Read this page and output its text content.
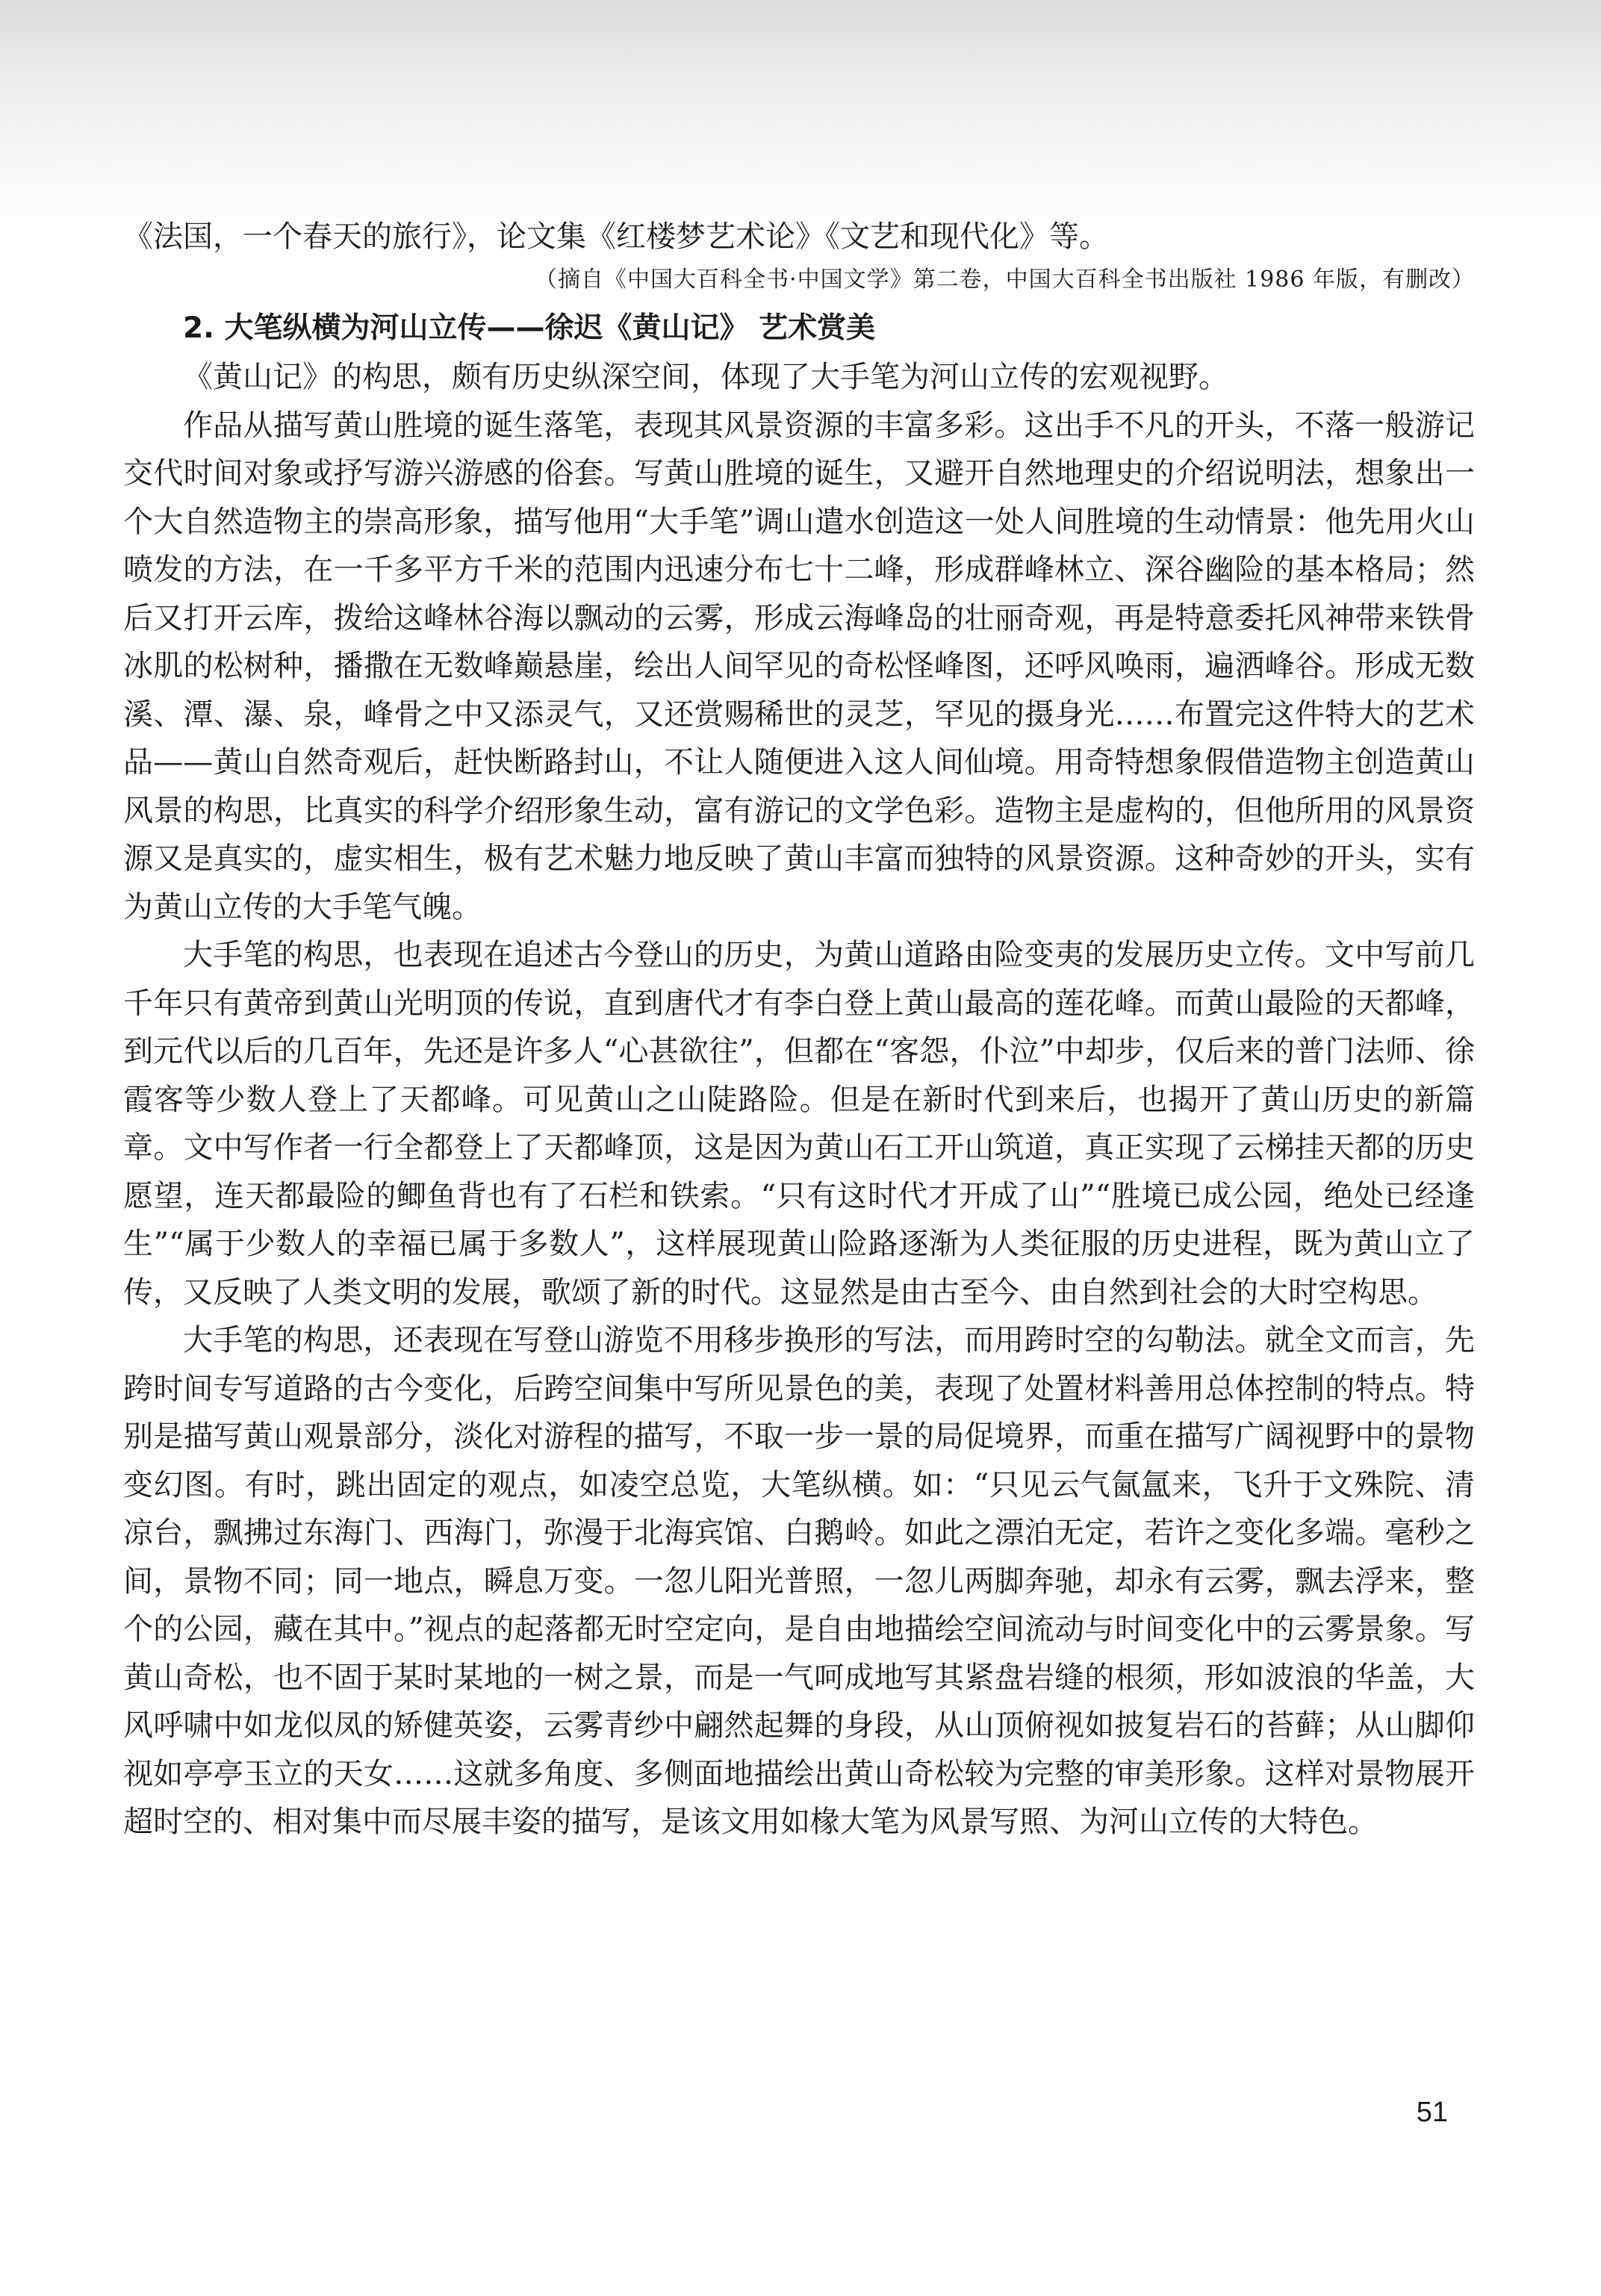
《法国，一个春天的旅行》，论文集《红楼梦艺术论》《文艺和现代化》等。

（摘自《中国大百科全书·中国文学》第二卷，中国大百科全书出版社 1986 年版，有删改）

2. 大笔纵横为河山立传——徐迟《黄山记》 艺术赏美

《黄山记》的构思，颇有历史纵深空间，体现了大手笔为河山立传的宏观视野。

作品从描写黄山胜境的诞生落笔，表现其风景资源的丰富多彩。这出手不凡的开头，不落一般游记交代时间对象或抒写游兴游感的俗套。写黄山胜境的诞生，又避开自然地理史的介绍说明法，想象出一个大自然造物主的崇高形象，描写他用“大手笔”调山遣水创造这一处人间胜境的生动情景：他先用火山喷发的方法，在一千多平方千米的范围内迅速分布七十二峰，形成群峰林立、深谷幽险的基本格局；然后又打开云库，拨给这峰林谷海以飘动的云雾，形成云海峰岛的壮丽奇观，再是特意委托风神带来铁骨冰肌的松树种，播撒在无数峰巅悬崖，绘出人间罕见的奇松怪峰图，还呼风唤雨，遍洒峰谷。形成无数溪、潭、瀑、泉，峰骨之中又添灵气，又还赏赐稀世的灵芝，罕见的摄身光……布置完这件特大的艺术品——黄山自然奇观后，赶快断路封山，不让人随便进入这人间仙境。用奇特想象假借造物主创造黄山风景的构思，比真实的科学介绍形象生动，富有游记的文学色彩。造物主是虚构的，但他所用的风景资源又是真实的，虚实相生，极有艺术魅力地反映了黄山丰富而独特的风景资源。这种奇妙的开头，实有为黄山立传的大手笔气魄。

大手笔的构思，也表现在追述古今登山的历史，为黄山道路由险变夷的发展历史立传。文中写前几千年只有黄帝到黄山光明顶的传说，直到唐代才有李白登上黄山最高的莲花峰。而黄山最险的天都峰，到元代以后的几百年，先还是许多人“心甚欲往”，但都在“客怨，仆泣”中却步，仅后来的普门法师、徐霞客等少数人登上了天都峰。可见黄山之山陡路险。但是在新时代到来后，也揭开了黄山历史的新篇章。文中写作者一行全都登上了天都峰顶，这是因为黄山石工开山筑道，真正实现了云梯挂天都的历史愿望，连天都最险的鲫鱼背也有了石栏和铁索。“只有这时代才开成了山”“胜境已成公园，绝处已经逢生”“属于少数人的幸福已属于多数人”，这样展现黄山险路逐渐为人类征服的历史进程，既为黄山立了传，又反映了人类文明的发展，歌颂了新的时代。这显然是由古至今、由自然到社会的大时空构思。

大手笔的构思，还表现在写登山游览不用移步换形的写法，而用跨时空的勾勒法。就全文而言，先跨时间专写道路的古今变化，后跨空间集中写所见景色的美，表现了处置材料善用总体控制的特点。特别是描写黄山观景部分，淡化对游程的描写，不取一步一景的局促境界，而重在描写广阔视野中的景物变幻图。有时，跳出固定的观点，如凌空总览，大笔纵横。如：“只见云气氤氲来，飞升于文殊院、清凉台，飘拂过东海门、西海门，弥漫于北海宾馆、白鹅岭。如此之漂泊无定，若许之变化多端。毫秒之间，景物不同；同一地点，瞬息万变。一忽儿阳光普照，一忽儿两脚奔驰，却永有云雾，飘去浮来，整个的公园，藏在其中。”视点的起落都无时空定向，是自由地描绘空间流动与时间变化中的云雾景象。写黄山奇松，也不固于某时某地的一树之景，而是一气呵成地写其紧盘岩缝的根须，形如波浪的华盖，大风呼啸中如龙似凤的矫健英姿，云雾青纱中翩然起舞的身段，从山顶俯视如披复岩石的苔藓；从山脚仰视如亭亭玉立的天女……这就多角度、多侧面地描绘出黄山奇松较为完整的审美形象。这样对景物展开超时空的、相对集中而尽展丰姿的描写，是该文用如椽大笔为风景写照、为河山立传的大特色。

51
